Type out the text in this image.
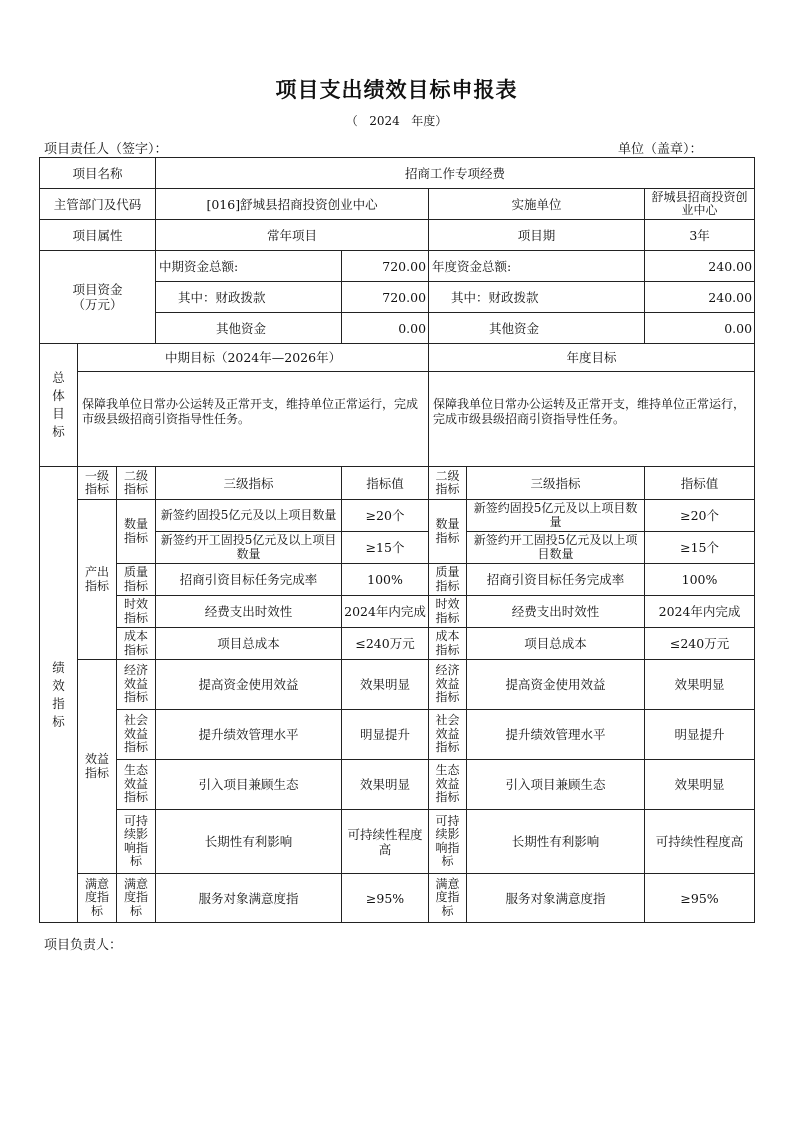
项目支出绩效目标申报表
（   2024   年度）
项目责任人（签字）：	单位（盖章）：
项目名称			招商工作专项经费				
主管部门及代码			[016]舒城县招商投资创业中心		实施单位		舒城县招商投资创业中心
项目属性			常年项目		项目期		3年

项目资金（万元）			中期资金总额:	720.00	年度资金总额:		240.00
			其中：财政拨款	720.00	其中：财政拨款		240.00
			其他资金	0.00	其他资金		0.00

总体目标	中期目标（2024年—2026年）				年度目标		
	保障我单位日常办公运转及正常开支，维持单位正常运行，完成市级县级招商引资指导性任务。				保障我单位日常办公运转及正常开支，维持单位正常运行，完成市级县级招商引资指导性任务。		

绩效指标	一级指标	二级指标	三级指标	指标值	二级指标	三级指标	指标值
	产出指标	数量指标	新签约固投5亿元及以上项目数量	≥20个	数量指标	新签约固投5亿元及以上项目数量	≥20个
			新签约开工固投5亿元及以上项目数量	≥15个		新签约开工固投5亿元及以上项目数量	≥15个
		质量指标	招商引资目标任务完成率	100%	质量指标	招商引资目标任务完成率	100%
		时效指标	经费支出时效性	2024年内完成	时效指标	经费支出时效性	2024年内完成
		成本指标	项目总成本	≤240万元	成本指标	项目总成本	≤240万元
	效益指标	经济效益指标	提高资金使用效益	效果明显	经济效益指标	提高资金使用效益	效果明显
		社会效益指标	提升绩效管理水平	明显提升	社会效益指标	提升绩效管理水平	明显提升
		生态效益指标	引入项目兼顾生态	效果明显	生态效益指标	引入项目兼顾生态	效果明显
		可持续影响指标	长期性有利影响	可持续性程度高	可持续影响指标	长期性有利影响	可持续性程度高
	满意度指标	满意度指标	服务对象满意度指	≥95%	满意度指标	服务对象满意度指	≥95%
项目负责人：
